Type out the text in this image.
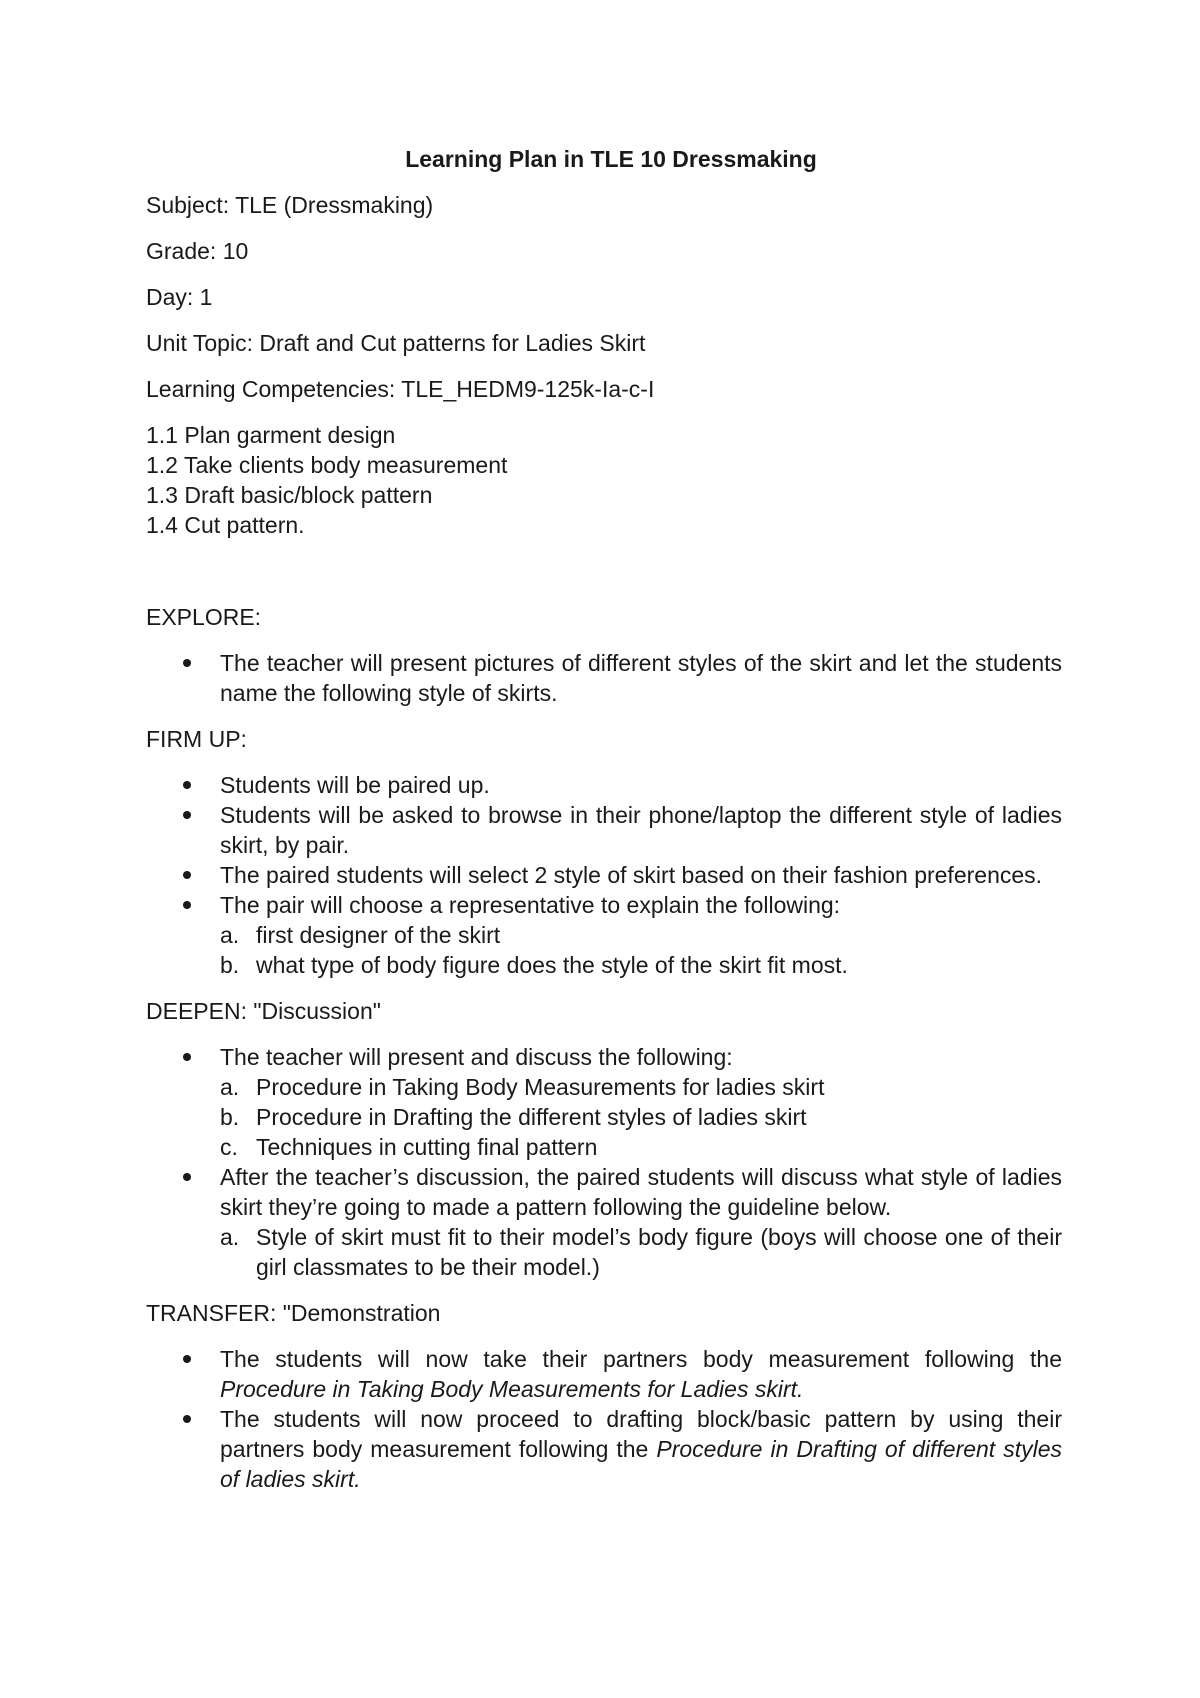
Learning Plan in TLE 10 Dressmaking
Subject: TLE (Dressmaking)
Grade: 10
Day: 1
Unit Topic: Draft and Cut patterns for Ladies Skirt
Learning Competencies: TLE_HEDM9-125k-Ia-c-I
1.1 Plan garment design
1.2 Take clients body measurement
1.3 Draft basic/block pattern
1.4 Cut pattern.
EXPLORE:
The teacher will present pictures of different styles of the skirt and let the students name the following style of skirts.
FIRM UP:
Students will be paired up.
Students will be asked to browse in their phone/laptop the different style of ladies skirt, by pair.
The paired students will select 2 style of skirt based on their fashion preferences.
The pair will choose a representative to explain the following:
a. first designer of the skirt
b. what type of body figure does the style of the skirt fit most.
DEEPEN: "Discussion"
The teacher will present and discuss the following:
a. Procedure in Taking Body Measurements for ladies skirt
b. Procedure in Drafting the different styles of ladies skirt
c. Techniques in cutting final pattern
After the teacher’s discussion, the paired students will discuss what style of ladies skirt they’re going to made a pattern following the guideline below.
a. Style of skirt must fit to their model’s body figure (boys will choose one of their girl classmates to be their model.)
TRANSFER: "Demonstration
The students will now take their partners body measurement following the Procedure in Taking Body Measurements for Ladies skirt.
The students will now proceed to drafting block/basic pattern by using their partners body measurement following the Procedure in Drafting of different styles of ladies skirt.
